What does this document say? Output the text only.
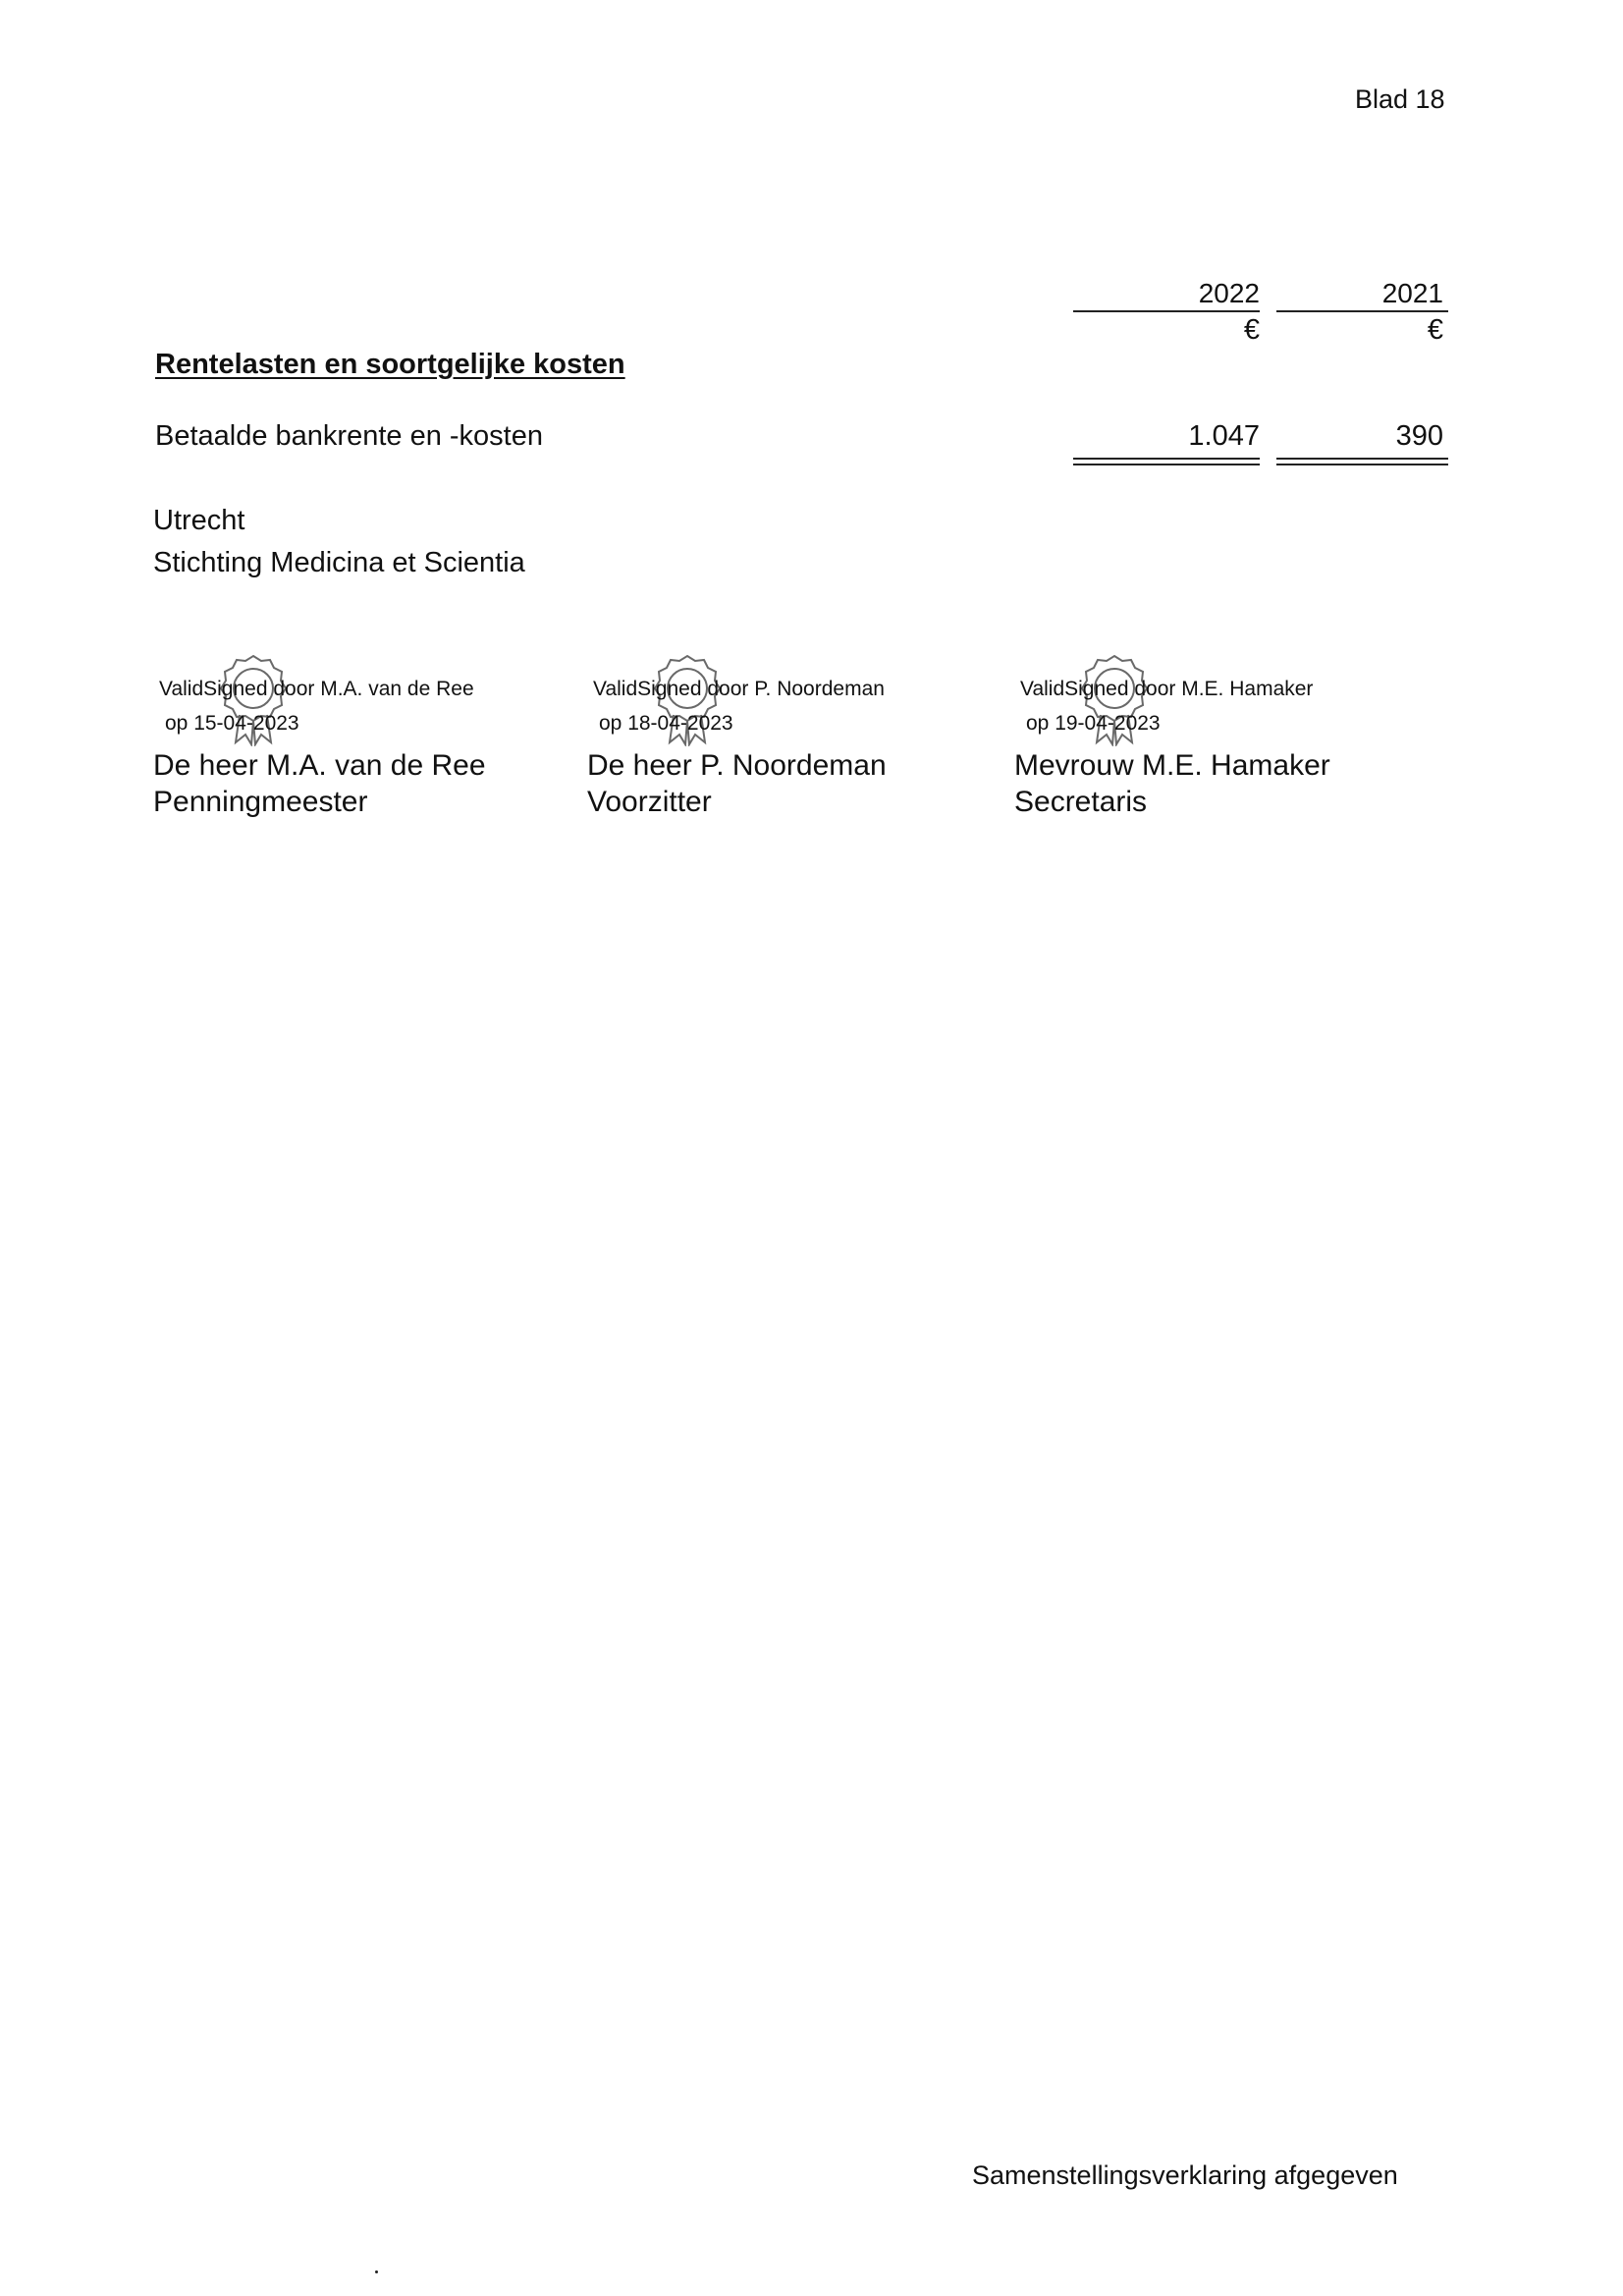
Blad 18
2022	2021
€	€
Rentelasten en soortgelijke kosten
Betaalde bankrente en -kosten	1.047	390
Utrecht
Stichting Medicina et Scientia
ValidSigned door M.A. van de Ree
op 15-04-2023
De heer M.A. van de Ree
Penningmeester
ValidSigned door P. Noordeman
op 18-04-2023
De heer P. Noordeman
Voorzitter
ValidSigned door M.E. Hamaker
op 19-04-2023
Mevrouw M.E. Hamaker
Secretaris
Samenstellingsverklaring afgegeven
